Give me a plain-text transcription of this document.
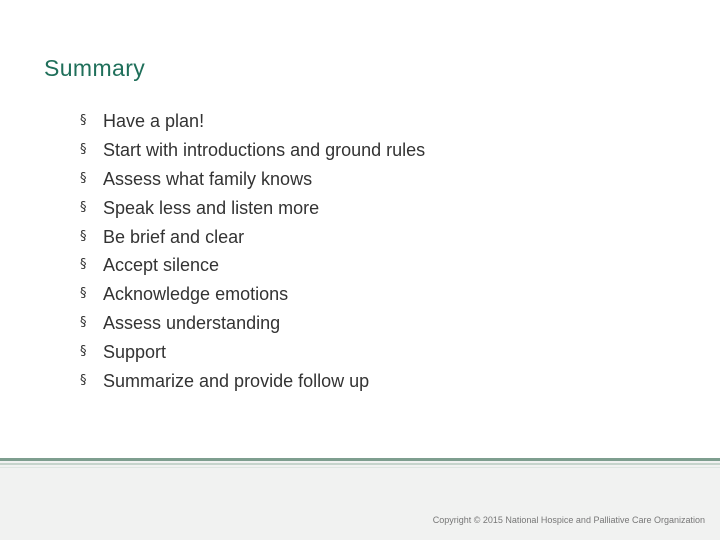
Summary
§ Have a plan!
§ Start with introductions and ground rules
§ Assess what family knows
§ Speak less and listen more
§ Be brief and clear
§ Accept silence
§ Acknowledge emotions
§ Assess understanding
§ Support
§ Summarize and provide follow up
Copyright © 2015 National Hospice and Palliative Care Organization
